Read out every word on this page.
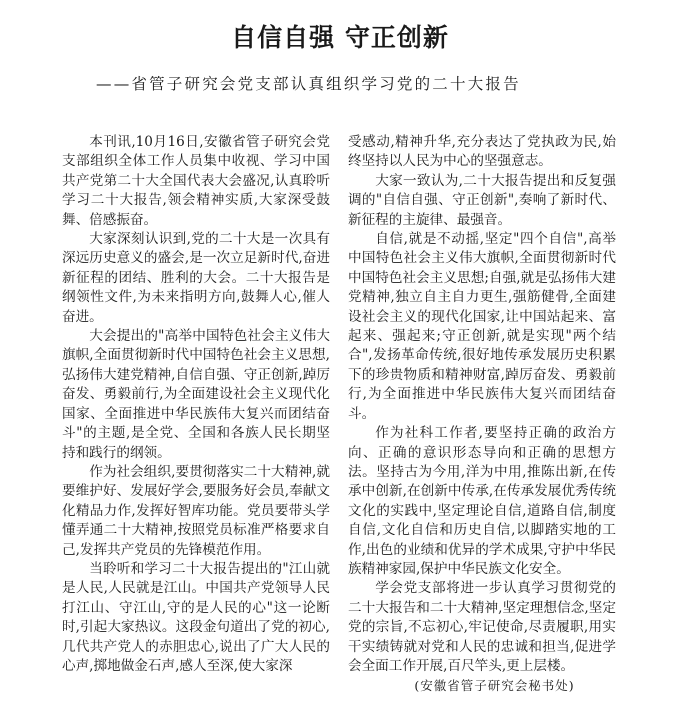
自信自强 守正创新
——省管子研究会党支部认真组织学习党的二十大报告

本刊讯,10月16日,安徽省管子研究会党支部组织全体工作人员集中收视、学习中国共产党第二十大全国代表大会盛况,认真聆听学习二十大报告,领会精神实质,大家深受鼓舞、倍感振奋。

大家深刻认识到,党的二十大是一次具有深远历史意义的盛会,是一次立足新时代,奋进新征程的团结、胜利的大会。二十大报告是纲领性文件,为未来指明方向,鼓舞人心,催人奋进。

大会提出的"高举中国特色社会主义伟大旗帜,全面贯彻新时代中国特色社会主义思想,弘扬伟大建党精神,自信自强、守正创新,踔厉奋发、勇毅前行,为全面建设社会主义现代化国家、全面推进中华民族伟大复兴而团结奋斗"的主题,是全党、全国和各族人民长期坚持和践行的纲领。

作为社会组织,要贯彻落实二十大精神,就要维护好、发展好学会,要服务好会员,奉献文化精品力作,发挥好智库功能。党员要带头学懂弄通二十大精神,按照党员标准严格要求自己,发挥共产党员的先锋模范作用。

当聆听和学习二十大报告提出的"江山就是人民,人民就是江山。中国共产党领导人民打江山、守江山,守的是人民的心"这一论断时,引起大家热议。这段金句道出了党的初心,几代共产党人的赤胆忠心,说出了广大人民的心声,掷地做金石声,感人至深,使大家深

受感动,精神升华,充分表达了党执政为民,始终坚持以人民为中心的坚强意志。

大家一致认为,二十大报告提出和反复强调的"自信自强、守正创新",奏响了新时代、新征程的主旋律、最强音。

自信,就是不动摇,坚定"四个自信",高举中国特色社会主义伟大旗帜,全面贯彻新时代中国特色社会主义思想;自强,就是弘扬伟大建党精神,独立自主自力更生,强筋健骨,全面建设社会主义的现代化国家,让中国站起来、富起来、强起来;守正创新,就是实现"两个结合",发扬革命传统,很好地传承发展历史积累下的珍贵物质和精神财富,踔厉奋发、勇毅前行,为全面推进中华民族伟大复兴而团结奋斗。

作为社科工作者,要坚持正确的政治方向、正确的意识形态导向和正确的思想方法。坚持古为今用,洋为中用,推陈出新,在传承中创新,在创新中传承,在传承发展优秀传统文化的实践中,坚定理论自信,道路自信,制度自信,文化自信和历史自信,以脚踏实地的工作,出色的业绩和优异的学术成果,守护中华民族精神家园,保护中华民族文化安全。

学会党支部将进一步认真学习贯彻党的二十大报告和二十大精神,坚定理想信念,坚定党的宗旨,不忘初心,牢记使命,尽责履职,用实干实绩铸就对党和人民的忠诚和担当,促进学会全面工作开展,百尺竿头,更上层楼。

(安徽省管子研究会秘书处)
